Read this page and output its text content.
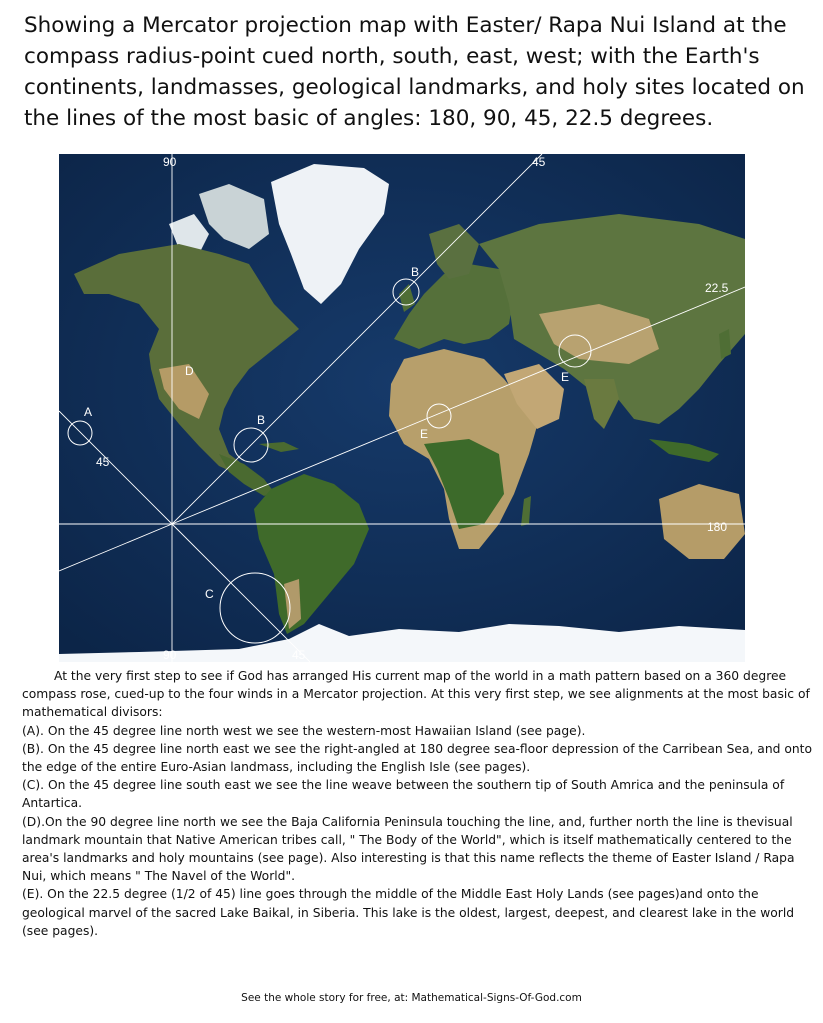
Showing a Mercator projection map with Easter/ Rapa Nui Island at the compass radius-point cued north, south, east, west; with the Earth's continents, landmasses, geological landmarks, and holy sites located on the lines of the most basic of angles: 180, 90, 45, 22.5 degrees.
90	45
22.5
45
180
90	45
A
B
B
C
D	E
E

At the very first step to see if God has arranged His current map of the world in a math pattern based on a 360 degree compass rose, cued-up to the four winds in a Mercator projection. At this very first step, we see alignments at the most basic of mathematical divisors:

(A). On the 45 degree line north west we see the western-most Hawaiian Island (see page).

(B). On the 45 degree line north east we see the right-angled at 180 degree sea-floor depression of the Carribean Sea, and onto the edge of the entire Euro-Asian landmass, including the English Isle (see pages).

(C). On the 45 degree line south east we see the line weave between the southern tip of South Amrica and the peninsula of Antartica.

(D).On the 90 degree line north we see the Baja California Peninsula touching the line, and, further north the line is thevisual landmark mountain that Native American tribes call, " The Body of the World", which is itself mathematically centered to the area's landmarks and holy mountains (see page). Also interesting is that this name reflects the theme of Easter Island / Rapa Nui, which means " The Navel of the World".

(E). On the 22.5 degree (1/2 of 45) line goes through the middle of the Middle East Holy Lands (see pages)and onto the geological marvel of the sacred Lake Baikal, in Siberia. This lake is the oldest, largest, deepest, and clearest lake in the world (see pages).

See the whole story for free, at: Mathematical-Signs-Of-God.com
